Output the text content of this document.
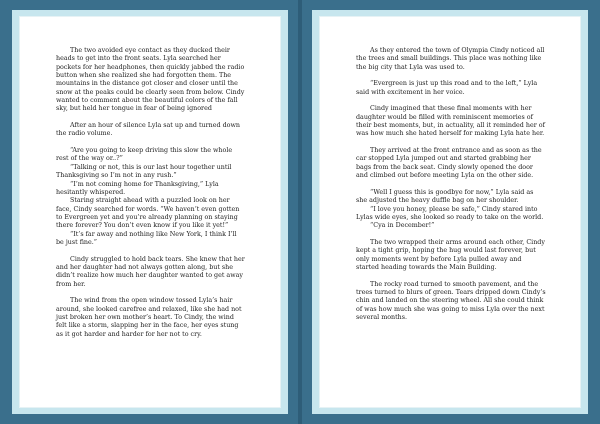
The two avoided eye contact as they ducked their heads to get into the front seats. Lyla searched her pockets for her headphones, then quickly jabbed the radio button when she realized she had forgotten them. The mountains in the distance got closer and closer until the snow at the peaks could be clearly seen from below. Cindy wanted to comment about the beautiful colors of the fall sky, but held her tongue in fear of being ignored

After an hour of silence Lyla sat up and turned down the radio volume.

“Are you going to keep driving this slow the whole rest of the way or..?”

“Talking or not, this is our last hour together until Thanksgiving so I’m not in any rush.”

“I’m not coming home for Thanksgiving,” Lyla hesitantly whispered.

Staring straight ahead with a puzzled look on her face, Cindy searched for words. “We haven’t even gotten to Evergreen yet and you’re already planning on staying there forever? You don’t even know if you like it yet!”

“It’s far away and nothing like New York, I think I’ll be just fine.”

Cindy struggled to hold back tears. She knew that her and her daughter had not always gotten along, but she didn’t realize how much her daughter wanted to get away from her.

The wind from the open window tossed Lyla’s hair around, she looked carefree and relaxed, like she had not just broken her own mother’s heart. To Cindy, the wind felt like a storm, slapping her in the face, her eyes stung as it got harder and harder for her not to cry.

As they entered the town of Olympia Cindy noticed all the trees and small buildings. This place was nothing like the big city that Lyla was used to.

“Evergreen is just up this road and to the left,” Lyla said with excitement in her voice.

Cindy imagined that these final moments with her daughter would be filled with reminiscent memories of their best moments, but, in actuality, all it reminded her of was how much she hated herself for making Lyla hate her.

They arrived at the front entrance and as soon as the car stopped Lyla jumped out and started grabbing her bags from the back seat. Cindy slowly opened the door and climbed out before meeting Lyla on the other side.

“Well I guess this is goodbye for now,” Lyla said as she adjusted the heavy duffle bag on her shoulder.

“I love you honey, please be safe,” Cindy stared into Lylas wide eyes, she looked so ready to take on the world.

“Cya in December!”

The two wrapped their arms around each other, Cindy kept a tight grip, hoping the hug would last forever, but only moments went by before Lyla pulled away and started heading towards the Main Building.

The rocky road turned to smooth pavement, and the trees turned to blurs of green. Tears dripped down Cindy’s chin and landed on the steering wheel. All she could think of was how much she was going to miss Lyla over the next several months.
